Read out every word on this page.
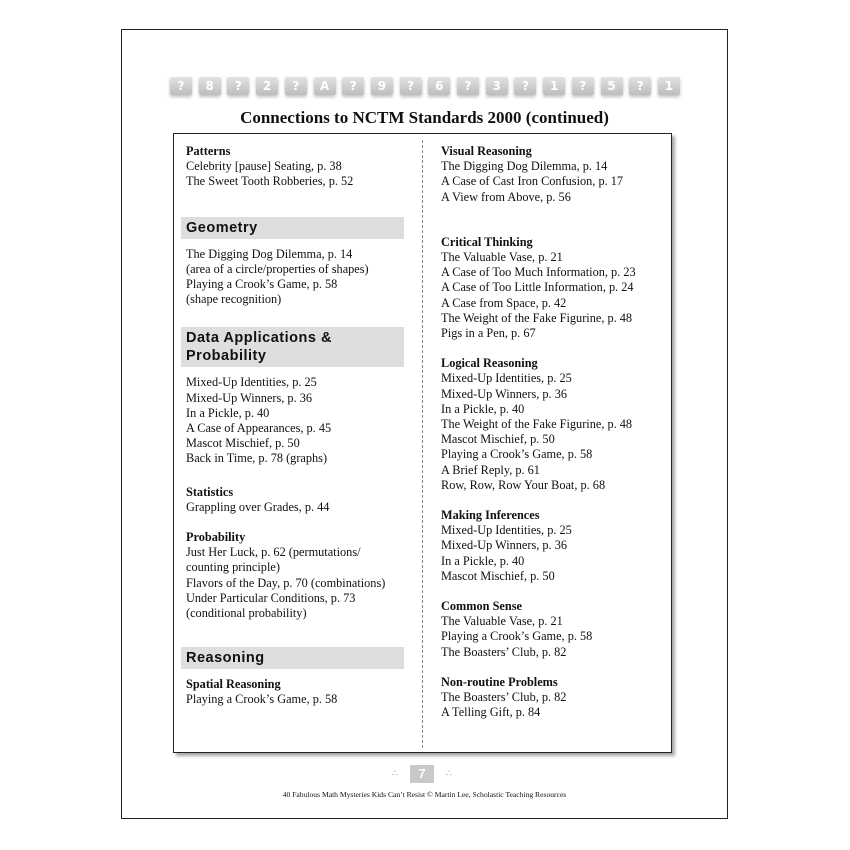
?	8	?	2	?	A	?	9	?	6	?	3	?	1	?	5	?	1
Connections to NCTM Standards 2000 (continued)
Patterns
Celebrity [pause] Seating, p. 38
The Sweet Tooth Robberies, p. 52
Geometry
The Digging Dog Dilemma, p. 14
(area of a circle/properties of shapes)
Playing a Crook’s Game, p. 58
(shape recognition)
Data Applications &
Probability
Mixed-Up Identities, p. 25
Mixed-Up Winners, p. 36
In a Pickle, p. 40
A Case of Appearances, p. 45
Mascot Mischief, p. 50
Back in Time, p. 78 (graphs)
Statistics
Grappling over Grades, p. 44
Probability
Just Her Luck, p. 62 (permutations/
counting principle)
Flavors of the Day, p. 70 (combinations)
Under Particular Conditions, p. 73
(conditional probability)
Reasoning
Spatial Reasoning
Playing a Crook’s Game, p. 58
Visual Reasoning
The Digging Dog Dilemma, p. 14
A Case of Cast Iron Confusion, p. 17
A View from Above, p. 56
Critical Thinking
The Valuable Vase, p. 21
A Case of Too Much Information, p. 23
A Case of Too Little Information, p. 24
A Case from Space, p. 42
The Weight of the Fake Figurine, p. 48
Pigs in a Pen, p. 67
Logical Reasoning
Mixed-Up Identities, p. 25
Mixed-Up Winners, p. 36
In a Pickle, p. 40
The Weight of the Fake Figurine, p. 48
Mascot Mischief, p. 50
Playing a Crook’s Game, p. 58
A Brief Reply, p. 61
Row, Row, Row Your Boat, p. 68
Making Inferences
Mixed-Up Identities, p. 25
Mixed-Up Winners, p. 36
In a Pickle, p. 40
Mascot Mischief, p. 50
Common Sense
The Valuable Vase, p. 21
Playing a Crook’s Game, p. 58
The Boasters’ Club, p. 82
Non-routine Problems
The Boasters’ Club, p. 82
A Telling Gift, p. 84
∴	7	∴
40 Fabulous Math Mysteries Kids Can’t Resist © Martin Lee, Scholastic Teaching Resources
